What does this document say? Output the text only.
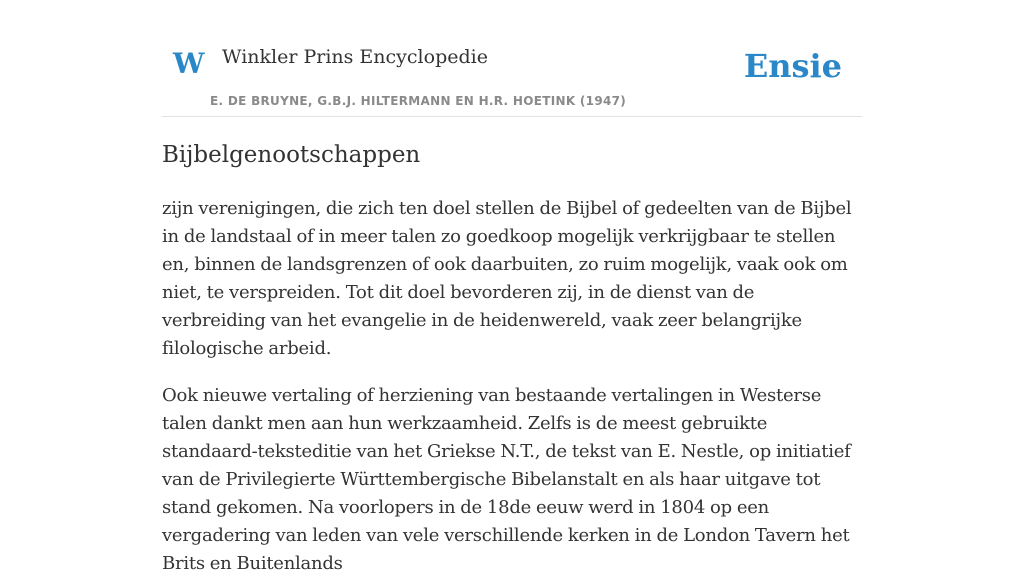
W Winkler Prins Encyclopedie
E. DE BRUYNE, G.B.J. HILTERMANN EN H.R. HOETINK (1947)
Ensie
Bijbelgenootschappen

zijn verenigingen, die zich ten doel stellen de Bijbel of gedeelten van de Bijbel in de landstaal of in meer talen zo goedkoop mogelijk verkrijgbaar te stellen en, binnen de landsgrenzen of ook daarbuiten, zo ruim mogelijk, vaak ook om niet, te verspreiden. Tot dit doel bevorderen zij, in de dienst van de verbreiding van het evangelie in de heidenwereld, vaak zeer belangrijke filologische arbeid.

Ook nieuwe vertaling of herziening van bestaande vertalingen in Westerse talen dankt men aan hun werkzaamheid. Zelfs is de meest gebruikte standaard-teksteditie van het Griekse N.T., de tekst van E. Nestle, op initiatief van de Privilegierte Württembergische Bibelanstalt en als haar uitgave tot stand gekomen. Na voorlopers in de 18de eeuw werd in 1804 op een vergadering van leden van vele verschillende kerken in de London Tavern het Brits en Buitenlands
